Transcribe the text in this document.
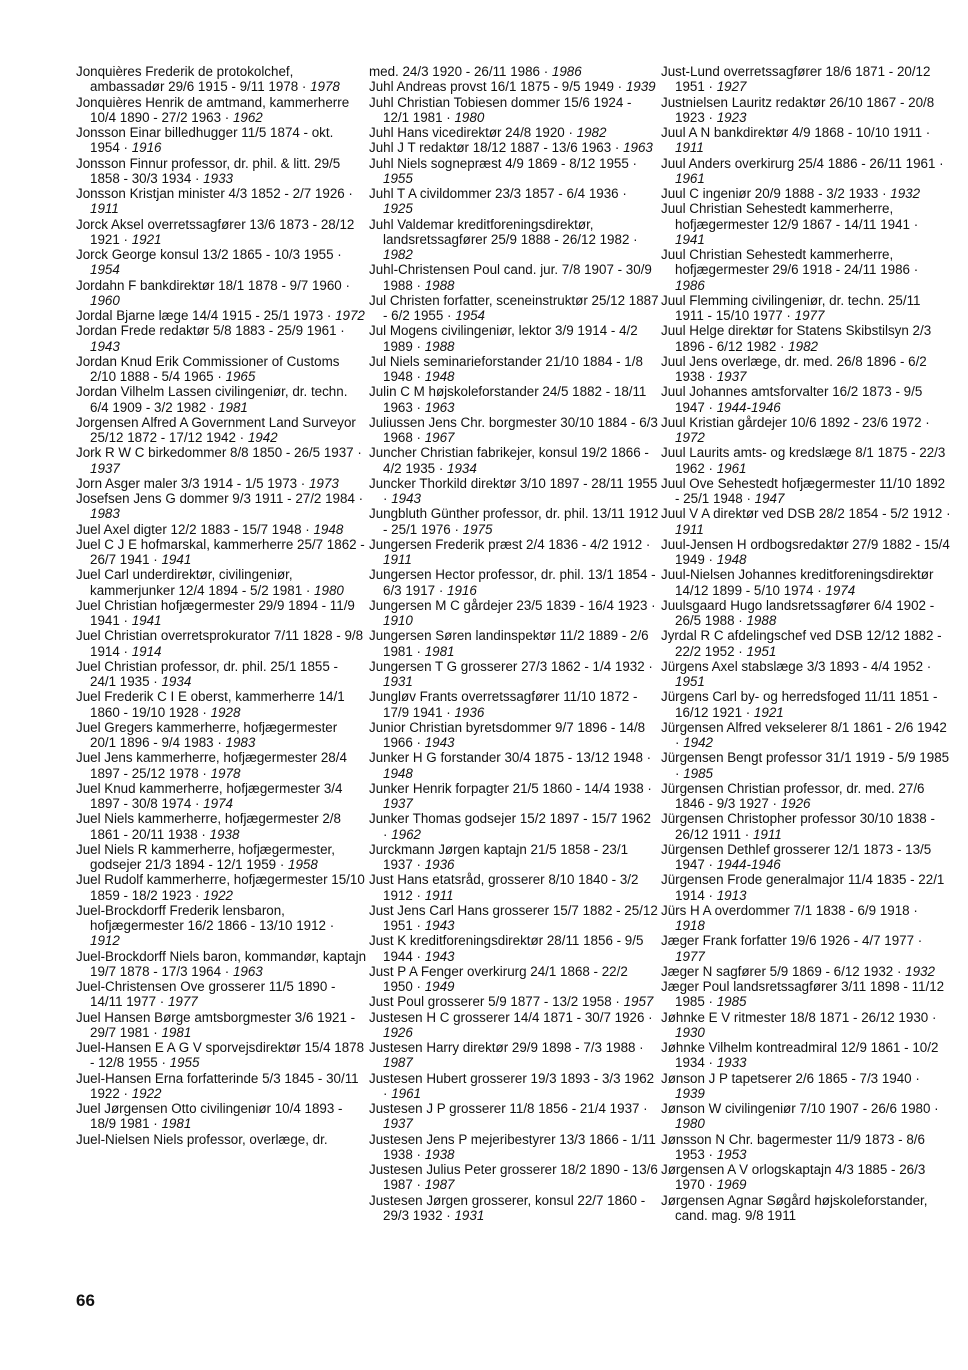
Jonquières Frederik de protokolchef, ambassadør 29/6 1915 - 9/11 1978 · 1978

Jonquières Henrik de amtmand, kammerherre 10/4 1890 - 27/2 1963 · 1962

Jonsson Einar billedhugger 11/5 1874 - okt. 1954 · 1916

Jonsson Finnur professor, dr. phil. & litt. 29/5 1858 - 30/3 1934 · 1933

Jonsson Kristjan minister 4/3 1852 - 2/7 1926 · 1911

Jorck Aksel overretssagfører 13/6 1873 - 28/12 1921 · 1921

Jorck George konsul 13/2 1865 - 10/3 1955 · 1954

Jordahn F bankdirektør 18/1 1878 - 9/7 1960 · 1960

Jordal Bjarne læge 14/4 1915 - 25/1 1973 · 1972

Jordan Frede redaktør 5/8 1883 - 25/9 1961 · 1943

Jordan Knud Erik Commissioner of Customs 2/10 1888 - 5/4 1965 · 1965

Jordan Vilhelm Lassen civilingeniør, dr. techn. 6/4 1909 - 3/2 1982 · 1981

Jorgensen Alfred A Government Land Surveyor 25/12 1872 - 17/12 1942 · 1942

Jork R W C birkedommer 8/8 1850 - 26/5 1937 · 1937

Jorn Asger maler 3/3 1914 - 1/5 1973 · 1973

Josefsen Jens G dommer 9/3 1911 - 27/2 1984 · 1983

Juel Axel digter 12/2 1883 - 15/7 1948 · 1948

Juel C J E hofmarskal, kammerherre 25/7 1862 - 26/7 1941 · 1941

Juel Carl underdirektør, civilingeniør, kammerjunker 12/4 1894 - 5/2 1981 · 1980

Juel Christian hofjægermester 29/9 1894 - 11/9 1941 · 1941

Juel Christian overretsprokurator 7/11 1828 - 9/8 1914 · 1914

Juel Christian professor, dr. phil. 25/1 1855 - 24/1 1935 · 1934

Juel Frederik C I E oberst, kammerherre 14/1 1860 - 19/10 1928 · 1928

Juel Gregers kammerherre, hofjægermester 20/1 1896 - 9/4 1983 · 1983

Juel Jens kammerherre, hofjægermester 28/4 1897 - 25/12 1978 · 1978

Juel Knud kammerherre, hofjægermester 3/4 1897 - 30/8 1974 · 1974

Juel Niels kammerherre, hofjægermester 2/8 1861 - 20/11 1938 · 1938

Juel Niels R kammerherre, hofjægermester, godsejer 21/3 1894 - 12/1 1959 · 1958

Juel Rudolf kammerherre, hofjægermester 15/10 1859 - 18/2 1923 · 1922

Juel-Brockdorff Frederik lensbaron, hofjægermester 16/2 1866 - 13/10 1912 · 1912

Juel-Brockdorff Niels baron, kommandør, kaptajn 19/7 1878 - 17/3 1964 · 1963

Juel-Christensen Ove grosserer 11/5 1890 - 14/11 1977 · 1977

Juel Hansen Børge amtsborgmester 3/6 1921 - 29/7 1981 · 1981

Juel-Hansen E A G V sporvejsdirektør 15/4 1878 - 12/8 1955 · 1955

Juel-Hansen Erna forfatterinde 5/3 1845 - 30/11 1922 · 1922

Juel Jørgensen Otto civilingeniør 10/4 1893 - 18/9 1981 · 1981

Juel-Nielsen Niels professor, overlæge, dr.

med. 24/3 1920 - 26/11 1986 · 1986

Juhl Andreas provst 16/1 1875 - 9/5 1949 · 1939

Juhl Christian Tobiesen dommer 15/6 1924 - 12/1 1981 · 1980

Juhl Hans vicedirektør 24/8 1920 · 1982

Juhl J T redaktør 18/12 1887 - 13/6 1963 · 1963

Juhl Niels sognepræst 4/9 1869 - 8/12 1955 · 1955

Juhl T A civildommer 23/3 1857 - 6/4 1936 · 1925

Juhl Valdemar kreditforeningsdirektør, landsretssagfører 25/9 1888 - 26/12 1982 · 1982

Juhl-Christensen Poul cand. jur. 7/8 1907 - 30/9 1988 · 1988

Jul Christen forfatter, sceneinstruktør 25/12 1887 - 6/2 1955 · 1954

Jul Mogens civilingeniør, lektor 3/9 1914 - 4/2 1989 · 1988

Jul Niels seminarieforstander 21/10 1884 - 1/8 1948 · 1948

Julin C M højskoleforstander 24/5 1882 - 18/11 1963 · 1963

Juliussen Jens Chr. borgmester 30/10 1884 - 6/3 1968 · 1967

Juncher Christian fabrikejer, konsul 19/2 1866 - 4/2 1935 · 1934

Juncker Thorkild direktør 3/10 1897 - 28/11 1955 · 1943

Jungbluth Günther professor, dr. phil. 13/11 1912 - 25/1 1976 · 1975

Jungersen Frederik præst 2/4 1836 - 4/2 1912 · 1911

Jungersen Hector professor, dr. phil. 13/1 1854 - 6/3 1917 · 1916

Jungersen M C gårdejer 23/5 1839 - 16/4 1923 · 1910

Jungersen Søren landinspektør 11/2 1889 - 2/6 1981 · 1981

Jungersen T G grosserer 27/3 1862 - 1/4 1932 · 1931

Jungløv Frants overretssagfører 11/10 1872 - 17/9 1941 · 1936

Junior Christian byretsdommer 9/7 1896 - 14/8 1966 · 1943

Junker H G forstander 30/4 1875 - 13/12 1948 · 1948

Junker Henrik forpagter 21/5 1860 - 14/4 1938 · 1937

Junker Thomas godsejer 15/2 1897 - 15/7 1962 · 1962

Jurckmann Jørgen kaptajn 21/5 1858 - 23/1 1937 · 1936

Just Hans etatsråd, grosserer 8/10 1840 - 3/2 1912 · 1911

Just Jens Carl Hans grosserer 15/7 1882 - 25/12 1951 · 1943

Just K kreditforeningsdirektør 28/11 1856 - 9/5 1944 · 1943

Just P A Fenger overkirurg 24/1 1868 - 22/2 1950 · 1949

Just Poul grosserer 5/9 1877 - 13/2 1958 · 1957

Justesen H C grosserer 14/4 1871 - 30/7 1926 · 1926

Justesen Harry direktør 29/9 1898 - 7/3 1988 · 1987

Justesen Hubert grosserer 19/3 1893 - 3/3 1962 · 1961

Justesen J P grosserer 11/8 1856 - 21/4 1937 · 1937

Justesen Jens P mejeribestyrer 13/3 1866 - 1/11 1938 · 1938

Justesen Julius Peter grosserer 18/2 1890 - 13/6 1987 · 1987

Justesen Jørgen grosserer, konsul 22/7 1860 - 29/3 1932 · 1931

Just-Lund overretssagfører 18/6 1871 - 20/12 1951 · 1927

Justnielsen Lauritz redaktør 26/10 1867 - 20/8 1923 · 1923

Juul A N bankdirektør 4/9 1868 - 10/10 1911 · 1911

Juul Anders overkirurg 25/4 1886 - 26/11 1961 · 1961

Juul C ingeniør 20/9 1888 - 3/2 1933 · 1932

Juul Christian Sehestedt kammerherre, hofjægermester 12/9 1867 - 14/11 1941 · 1941

Juul Christian Sehestedt kammerherre, hofjægermester 29/6 1918 - 24/11 1986 · 1986

Juul Flemming civilingeniør, dr. techn. 25/11 1911 - 15/10 1977 · 1977

Juul Helge direktør for Statens Skibstilsyn 2/3 1896 - 6/12 1982 · 1982

Juul Jens overlæge, dr. med. 26/8 1896 - 6/2 1938 · 1937

Juul Johannes amtsforvalter 16/2 1873 - 9/5 1947 · 1944-1946

Juul Kristian gårdejer 10/6 1892 - 23/6 1972 · 1972

Juul Laurits amts- og kredslæge 8/1 1875 - 22/3 1962 · 1961

Juul Ove Sehestedt hofjægermester 11/10 1892 - 25/1 1948 · 1947

Juul V A direktør ved DSB 28/2 1854 - 5/2 1912 · 1911

Juul-Jensen H ordbogsredaktør 27/9 1882 - 15/4 1949 · 1948

Juul-Nielsen Johannes kreditforeningsdirektør 14/12 1899 - 5/10 1974 · 1974

Juulsgaard Hugo landsretssagfører 6/4 1902 - 26/5 1988 · 1988

Jyrdal R C afdelingschef ved DSB 12/12 1882 - 22/2 1952 · 1951

Jürgens Axel stabslæge 3/3 1893 - 4/4 1952 · 1951

Jürgens Carl by- og herredsfoged 11/11 1851 - 16/12 1921 · 1921

Jürgensen Alfred vekselerer 8/1 1861 - 2/6 1942 · 1942

Jürgensen Bengt professor 31/1 1919 - 5/9 1985 · 1985

Jürgensen Christian professor, dr. med. 27/6 1846 - 9/3 1927 · 1926

Jürgensen Christopher professor 30/10 1838 - 26/12 1911 · 1911

Jürgensen Dethlef grosserer 12/1 1873 - 13/5 1947 · 1944-1946

Jürgensen Frode generalmajor 11/4 1835 - 22/1 1914 · 1913

Jürs H A overdommer 7/1 1838 - 6/9 1918 · 1918

Jæger Frank forfatter 19/6 1926 - 4/7 1977 · 1977

Jæger N sagfører 5/9 1869 - 6/12 1932 · 1932

Jæger Poul landsretssagfører 3/11 1898 - 11/12 1985 · 1985

Jøhnke E V ritmester 18/8 1871 - 26/12 1930 · 1930

Jøhnke Vilhelm kontreadmiral 12/9 1861 - 10/2 1934 · 1933

Jønson J P tapetserer 2/6 1865 - 7/3 1940 · 1939

Jønson W civilingeniør 7/10 1907 - 26/6 1980 · 1980

Jønsson N Chr. bagermester 11/9 1873 - 8/6 1953 · 1953

Jørgensen A V orlogskaptajn 4/3 1885 - 26/3 1970 · 1969

Jørgensen Agnar Søgård højskoleforstander, cand. mag. 9/8 1911

66
